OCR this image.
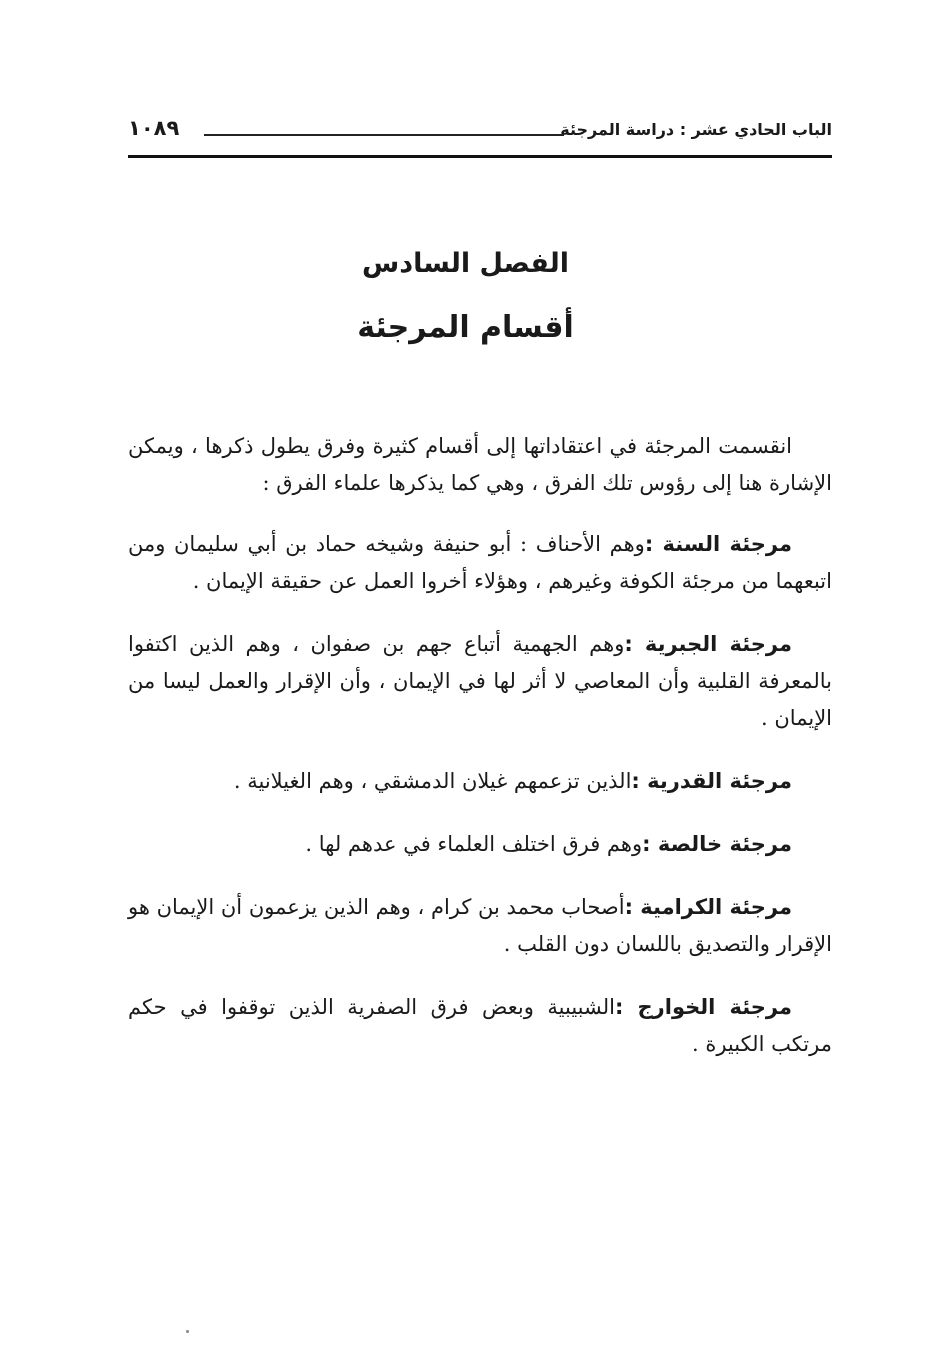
الباب الحادي عشر : دراسة المرجئة
١٠٨٩
الفصل السادس
أقسام المرجئة

انقسمت المرجئة في اعتقاداتها إلى أقسام كثيرة وفرق يطول ذكرها ، ويمكن الإشارة هنا إلى رؤوس تلك الفرق ، وهي كما يذكرها علماء الفرق :

مرجئة السنة :وهم الأحناف : أبو حنيفة وشيخه حماد بن أبي سليمان ومن اتبعهما من مرجئة الكوفة وغيرهم ، وهؤلاء أخروا العمل عن حقيقة الإيمان .

مرجئة الجبرية :وهم الجهمية أتباع جهم بن صفوان ، وهم الذين اكتفوا بالمعرفة القلبية وأن المعاصي لا أثر لها في الإيمان ، وأن الإقرار والعمل ليسا من الإيمان .

مرجئة القدرية :الذين تزعمهم غيلان الدمشقي ، وهم الغيلانية .

مرجئة خالصة :وهم فرق اختلف العلماء في عدهم لها .

مرجئة الكرامية :أصحاب محمد بن كرام ، وهم الذين يزعمون أن الإيمان هو الإقرار والتصديق باللسان دون القلب .

مرجئة الخوارج :الشبيبية وبعض فرق الصفرية الذين توقفوا في حكم مرتكب الكبيرة .
